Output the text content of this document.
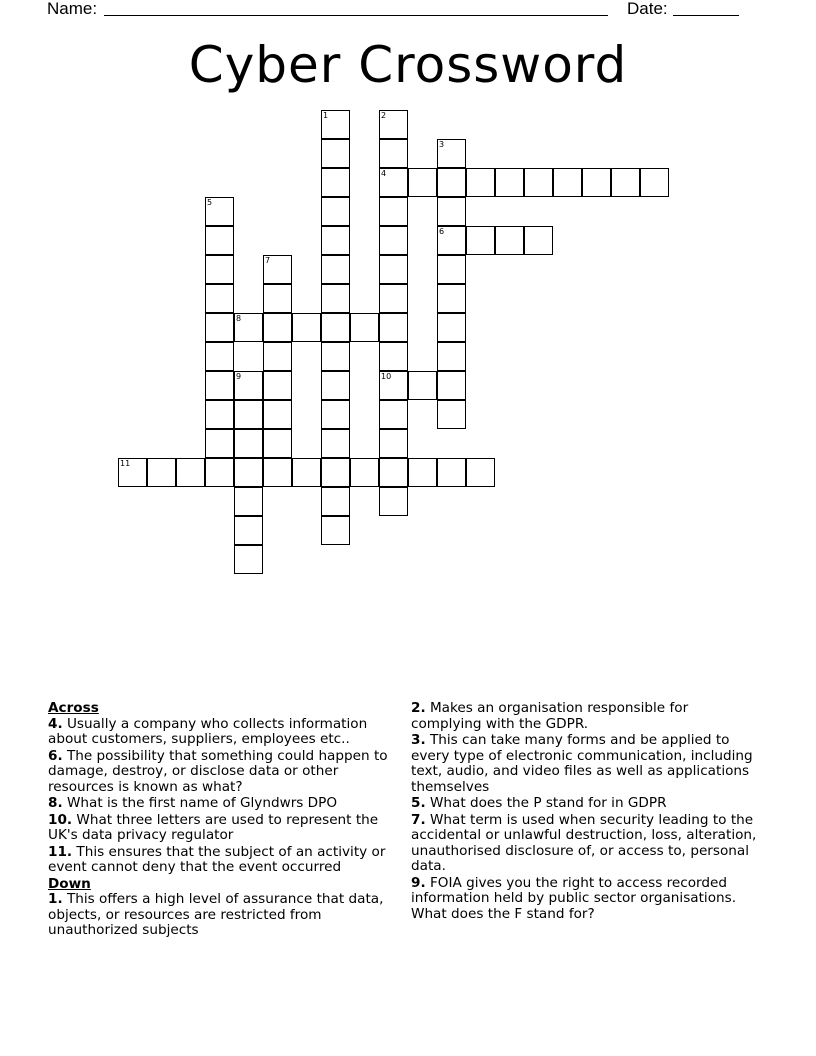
Name:	Date:
Cyber Crossword
1	2
4
10
3
6
5
7
8
9
11
Across
4. Usually a company who collects information about customers, suppliers, employees etc..
6. The possibility that something could happen to damage, destroy, or disclose data or other resources is known as what?
8. What is the first name of Glyndwrs DPO
10. What three letters are used to represent the UK's data privacy regulator
11. This ensures that the subject of an activity or event cannot deny that the event occurred
Down
1. This offers a high level of assurance that data, objects, or resources are restricted from unauthorized subjects
2. Makes an organisation responsible for complying with the GDPR.
3. This can take many forms and be applied to every type of electronic communication, including text, audio, and video files as well as applications themselves
5. What does the P stand for in GDPR
7. What term is used when security leading to the accidental or unlawful destruction, loss, alteration, unauthorised disclosure of, or access to, personal data.
9. FOIA gives you the right to access recorded information held by public sector organisations. What does the F stand for?
